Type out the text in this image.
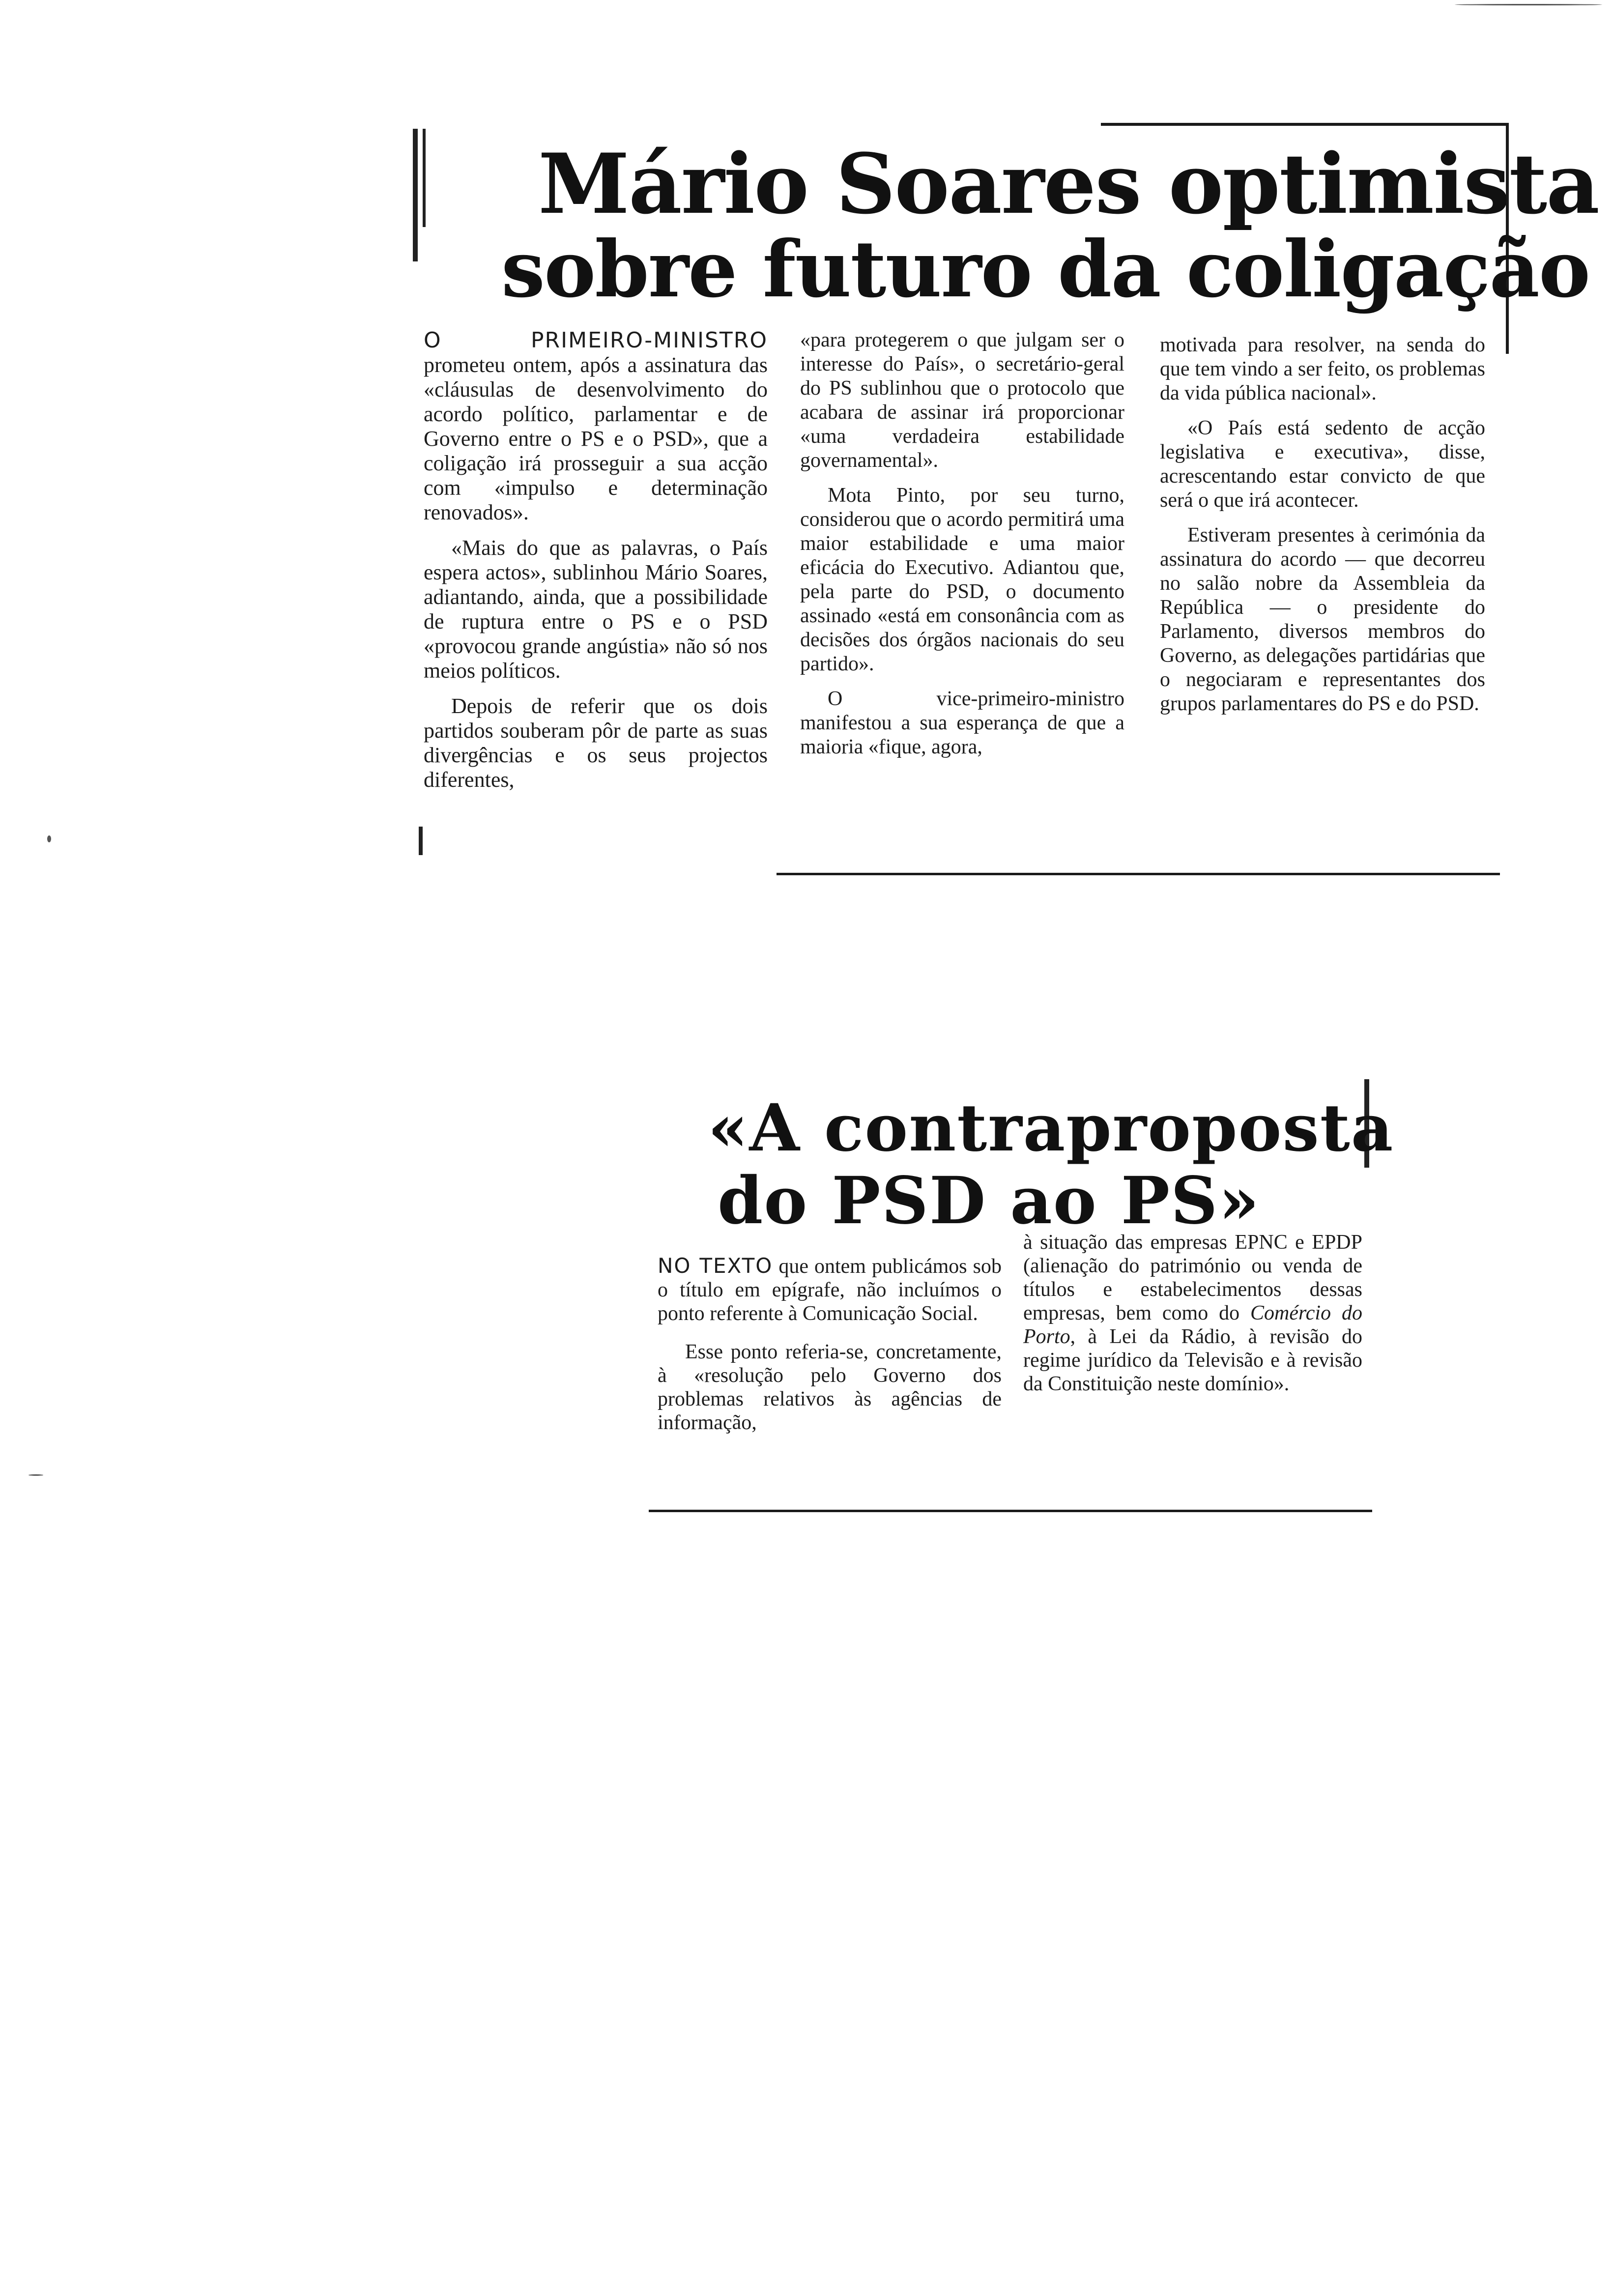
Mário Soares optimista
sobre futuro da coligação

O PRIMEIRO-MINISTRO prometeu ontem, após a assinatura das «cláusulas de desenvolvimento do acordo político, parlamentar e de Governo entre o PS e o PSD», que a coligação irá prosseguir a sua acção com «impulso e determinação renovados».

«Mais do que as palavras, o País espera actos», sublinhou Mário Soares, adiantando, ainda, que a possibilidade de ruptura entre o PS e o PSD «provocou grande angústia» não só nos meios políticos.

Depois de referir que os dois partidos souberam pôr de parte as suas divergências e os seus projectos diferentes,

«para protegerem o que julgam ser o interesse do País», o secretário-geral do PS sublinhou que o protocolo que acabara de assinar irá proporcionar «uma verdadeira estabilidade governamental».

Mota Pinto, por seu turno, considerou que o acordo permitirá uma maior estabilidade e uma maior eficácia do Executivo. Adiantou que, pela parte do PSD, o documento assinado «está em consonância com as decisões dos órgãos nacionais do seu partido».

O vice-primeiro-ministro manifestou a sua esperança de que a maioria «fique, agora,

motivada para resolver, na senda do que tem vindo a ser feito, os problemas da vida pública nacional».

«O País está sedento de acção legislativa e executiva», disse, acrescentando estar convicto de que será o que irá acontecer.

Estiveram presentes à cerimónia da assinatura do acordo — que decorreu no salão nobre da Assembleia da República — o presidente do Parlamento, diversos membros do Governo, as delegações partidárias que o negociaram e representantes dos grupos parlamentares do PS e do PSD.

«A contraproposta
do PSD ao PS»

NO TEXTO que ontem publicámos sob o título em epígrafe, não incluímos o ponto referente à Comunicação Social.

Esse ponto referia-se, concretamente, à «resolução pelo Governo dos problemas relativos às agências de informação,

à situação das empresas EPNC e EPDP (alienação do património ou venda de títulos e estabelecimentos dessas empresas, bem como do Comércio do Porto, à Lei da Rádio, à revisão do regime jurídico da Televisão e à revisão da Constituição neste domínio».
